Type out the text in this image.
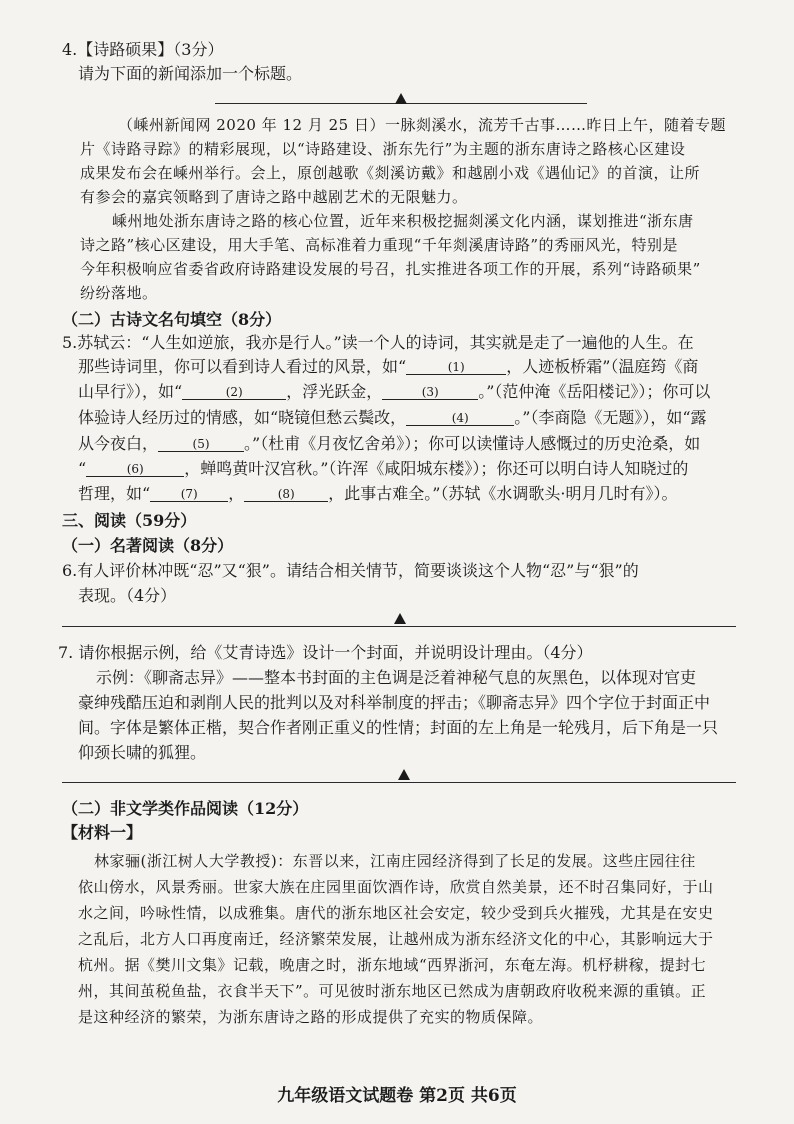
4.【诗路硕果】（3分）
请为下面的新闻添加一个标题。
（嵊州新闻网 2020 年 12 月 25 日）一脉剡溪水，流芳千古事……昨日上午，随着专题
片《诗路寻踪》的精彩展现，以“诗路建设、浙东先行”为主题的浙东唐诗之路核心区建设
成果发布会在嵊州举行。会上，原创越歌《剡溪访戴》和越剧小戏《遇仙记》的首演，让所
有参会的嘉宾领略到了唐诗之路中越剧艺术的无限魅力。
嵊州地处浙东唐诗之路的核心位置，近年来积极挖掘剡溪文化内涵，谋划推进“浙东唐
诗之路”核心区建设，用大手笔、高标准着力重现“千年剡溪唐诗路”的秀丽风光，特别是
今年积极响应省委省政府诗路建设发展的号召，扎实推进各项工作的开展，系列“诗路硕果”
纷纷落地。
（二）古诗文名句填空（8分）
5.苏轼云：“人生如逆旅，我亦是行人。”读一个人的诗词，其实就是走了一遍他的人生。在
那些诗词里，你可以看到诗人看过的风景，如“	(1)	，人迹板桥霜”（温庭筠《商
山早行》），如“	(2)	，浮光跃金，	(3) 。”（范仲淹《岳阳楼记》）；你可以
体验诗人经历过的情感，如“晓镜但愁云鬓改，	(4)	。”（李商隐《无题》），如“露
从今夜白，	(5) 。”（杜甫《月夜忆舍弟》）；你可以读懂诗人感慨过的历史沧桑，如
“	(6)	，蝉鸣黄叶汉宫秋。”（许浑《咸阳城东楼》）；你还可以明白诗人知晓过的
哲理，如“	(7) ，	(8) ，此事古难全。”（苏轼《水调歌头·明月几时有》）。
三、阅读（59分）
（一）名著阅读（8分）
6.有人评价林冲既“忍”又“狠”。请结合相关情节，简要谈谈这个人物“忍”与“狠”的
表现。（4分）
7. 请你根据示例，给《艾青诗选》设计一个封面，并说明设计理由。（4分）
示例：《聊斋志异》——整本书封面的主色调是泛着神秘气息的灰黑色，以体现对官吏
豪绅残酷压迫和剥削人民的批判以及对科举制度的抨击；《聊斋志异》四个字位于封面正中
间。字体是繁体正楷，契合作者刚正重义的性情；封面的左上角是一轮残月，后下角是一只
仰颈长啸的狐狸。
（二）非文学类作品阅读（12分）
【材料一】
林家骊(浙江树人大学教授)：东晋以来，江南庄园经济得到了长足的发展。这些庄园往往
依山傍水，风景秀丽。世家大族在庄园里面饮酒作诗，欣赏自然美景，还不时召集同好，于山
水之间，吟咏性情，以成雅集。唐代的浙东地区社会安定，较少受到兵火摧残，尤其是在安史
之乱后，北方人口再度南迁，经济繁荣发展，让越州成为浙东经济文化的中心，其影响远大于
杭州。据《樊川文集》记载，晚唐之时，浙东地域“西界浙河，东奄左海。机杼耕稼，提封七
州，其间茧税鱼盐，衣食半天下”。可见彼时浙东地区已然成为唐朝政府收税来源的重镇。正
是这种经济的繁荣，为浙东唐诗之路的形成提供了充实的物质保障。
九年级语文试题卷 第2页 共6页
